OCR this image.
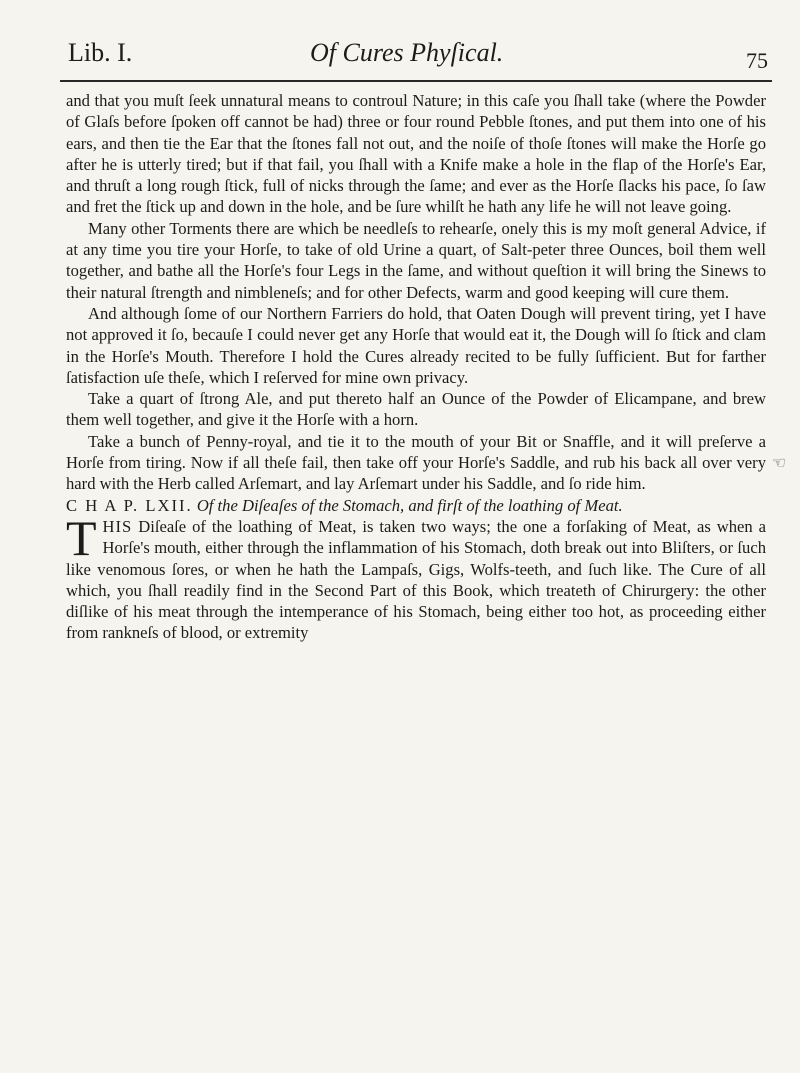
Lib. I.	Of Cures Phyſical.	75
☜

and that you muſt ſeek unnatural means to controul Nature; in this caſe you ſhall take (where the Powder of Glaſs before ſpoken off cannot be had) three or four round Pebble ſtones, and put them into one of his ears, and then tie the Ear that the ſtones fall not out, and the noiſe of thoſe ſtones will make the Horſe go after he is utterly tired; but if that fail, you ſhall with a Knife make a hole in the flap of the Horſe's Ear, and thruſt a long rough ſtick, full of nicks through the ſame; and ever as the Horſe ſlacks his pace, ſo ſaw and fret the ſtick up and down in the hole, and be ſure whilſt he hath any life he will not leave going.

Many other Torments there are which be needleſs to rehearſe, onely this is my moſt general Advice, if at any time you tire your Horſe, to take of old Urine a quart, of Salt-peter three Ounces, boil them well together, and bathe all the Horſe's four Legs in the ſame, and without queſtion it will bring the Sinews to their natural ſtrength and nimbleneſs; and for other Defects, warm and good keeping will cure them.

And although ſome of our Northern Farriers do hold, that Oaten Dough will prevent tiring, yet I have not approved it ſo, becauſe I could never get any Horſe that would eat it, the Dough will ſo ſtick and clam in the Horſe's Mouth. Therefore I hold the Cures already recited to be fully ſufficient. But for farther ſatisfaction uſe theſe, which I reſerved for mine own privacy.

Take a quart of ſtrong Ale, and put thereto half an Ounce of the Powder of Elicampane, and brew them well together, and give it the Horſe with a horn.

Take a bunch of Penny-royal, and tie it to the mouth of your Bit or Snaffle, and it will preſerve a Horſe from tiring. Now if all theſe fail, then take off your Horſe's Saddle, and rub his back all over very hard with the Herb called Arſemart, and lay Arſemart under his Saddle, and ſo ride him.

C H A P. LXII. Of the Diſeaſes of the Stomach, and firſt of the loathing of Meat.

THIS Diſeaſe of the loathing of Meat, is taken two ways; the one a forſaking of Meat, as when a Horſe's mouth, either through the inflammation of his Stomach, doth break out into Bliſters, or ſuch like venomous ſores, or when he hath the Lampaſs, Gigs, Wolfs-teeth, and ſuch like. The Cure of all which, you ſhall readily find in the Second Part of this Book, which treateth of Chirurgery: the other diſlike of his meat through the intemperance of his Stomach, being either too hot, as proceeding either from rankneſs of blood, or extremity
